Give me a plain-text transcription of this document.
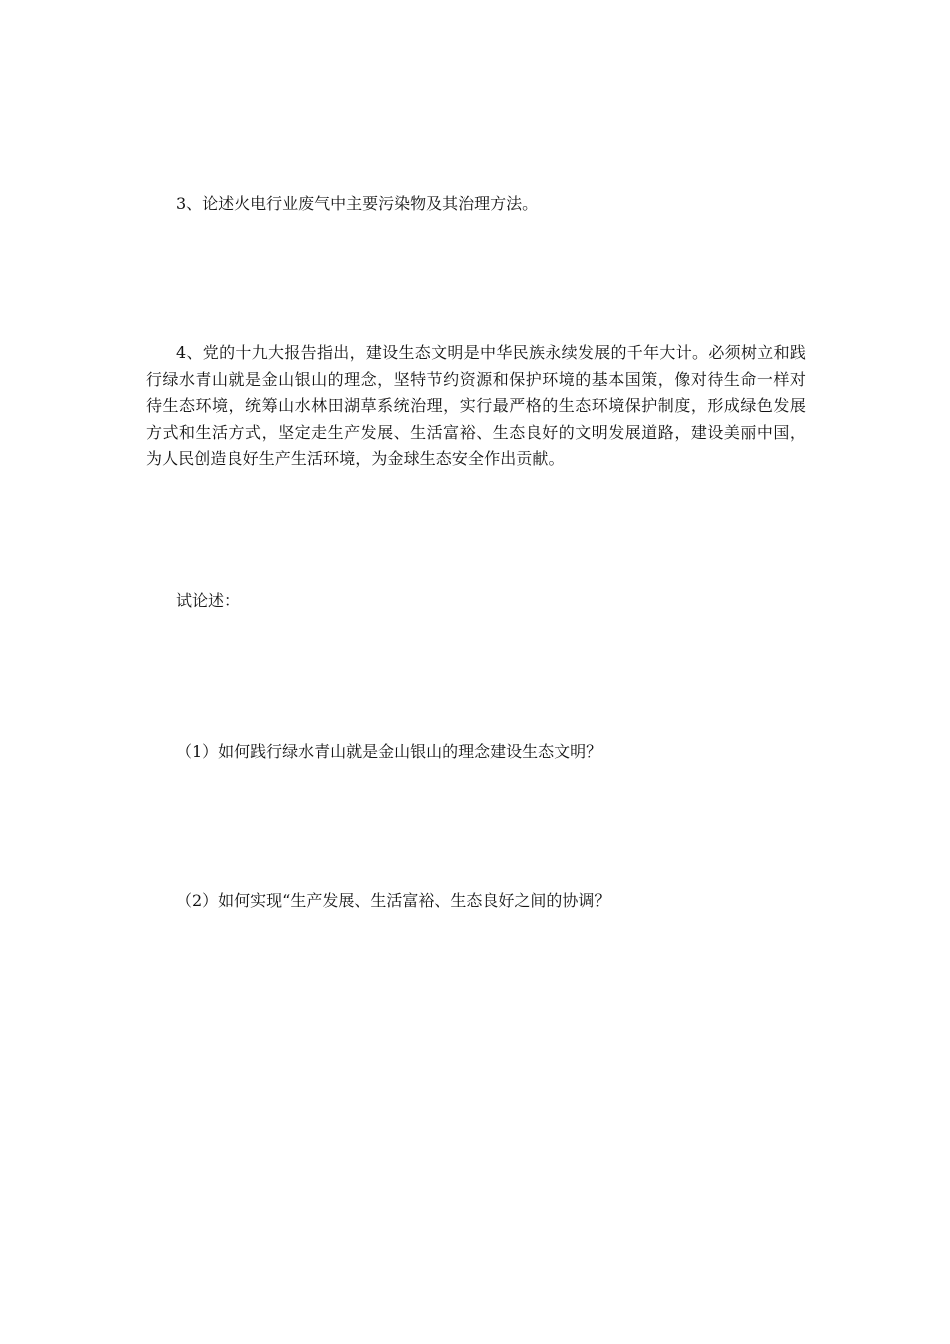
3、论述火电行业废气中主要污染物及其治理方法。
4、党的十九大报告指出，建设生态文明是中华民族永续发展的千年大计。必须树立和践行绿水青山就是金山银山的理念，坚特节约资源和保护环境的基本国策，像对待生命一样对待生态环境，统筹山水林田湖草系统治理，实行最严格的生态环境保护制度，形成绿色发展方式和生活方式，坚定走生产发展、生活富裕、生态良好的文明发展道路，建设美丽中国，为人民创造良好生产生活环境，为金球生态安全作出贡献。
试论述：
（1）如何践行绿水青山就是金山银山的理念建设生态文明？
（2）如何实现“生产发展、生活富裕、生态良好之间的协调？
